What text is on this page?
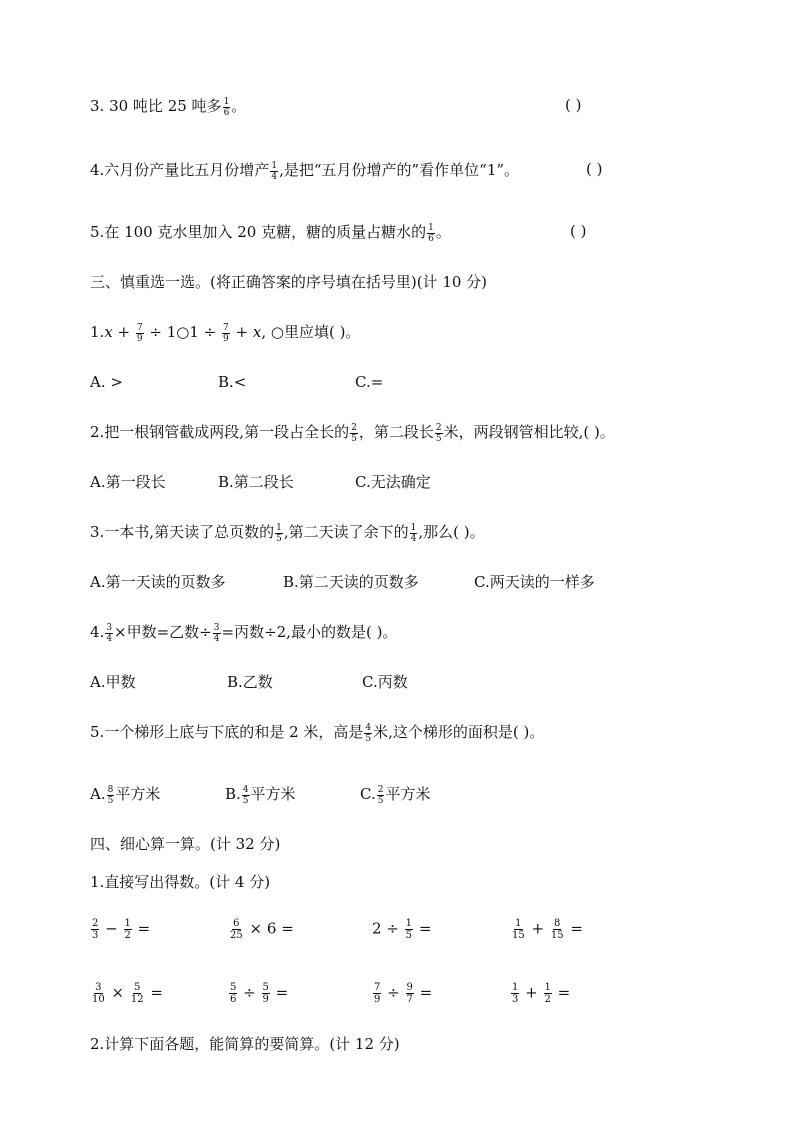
3. 30 吨比 25 吨多 $\frac{1}{6}$ 。	( )
4.六月份产量比五月份增产 $\frac{1}{4}$ ,是把“五月份增产的”看作单位“1”。	( )
5.在 100 克水里加入 20 克糖，糖的质量占糖水的 $\frac{1}{6}$ 。	( )
三、慎重选一选。(将正确答案的序号填在括号里)(计 10 分)
$1.x + \frac{7}{9}$ ÷ 1○1 ÷ $\frac{7}{9} + x$, ○里应填( )。
A. >	B.<	C.=
2.把一根钢管截成两段,第一段占全长的 $\frac{2}{5}$ ，第二段长 $\frac{2}{5}$ 米，两段钢管相比较,( )。
A.第一段长	B.第二段长	C.无法确定
3.一本书,第天读了总页数的 $\frac{1}{5}$ ,第二天读了余下的 $\frac{1}{4}$ ,那么( )。
A.第一天读的页数多	B.第二天读的页数多	C.两天读的一样多
4. $\frac{3}{4}$ ×甲数=乙数÷ $\frac{3}{4}$ =丙数÷2,最小的数是( )。
A.甲数	B.乙数	C.丙数
5.一个梯形上底与下底的和是 2 米，高是 $\frac{4}{5}$ 米,这个梯形的面积是( )。
A. $\frac{8}{5}$ 平方米	B. $\frac{4}{5}$ 平方米	C. $\frac{2}{5}$ 平方米
四、细心算一算。(计 32 分)
1.直接写出得数。(计 4 分)
$\frac{2}{3} - \frac{1}{2}$ =	$\frac{6}{25} \times 6$ =	$2 \div \frac{1}{5}$ =	$\frac{1}{15} + \frac{8}{15}$ =
$\frac{3}{10} \times \frac{5}{12}$ =	$\frac{5}{6} \div \frac{5}{9}$ =	$\frac{7}{9} \div \frac{9}{7}$ =	$\frac{1}{3} + \frac{1}{2}$ =
2.计算下面各题，能简算的要简算。(计 12 分)
